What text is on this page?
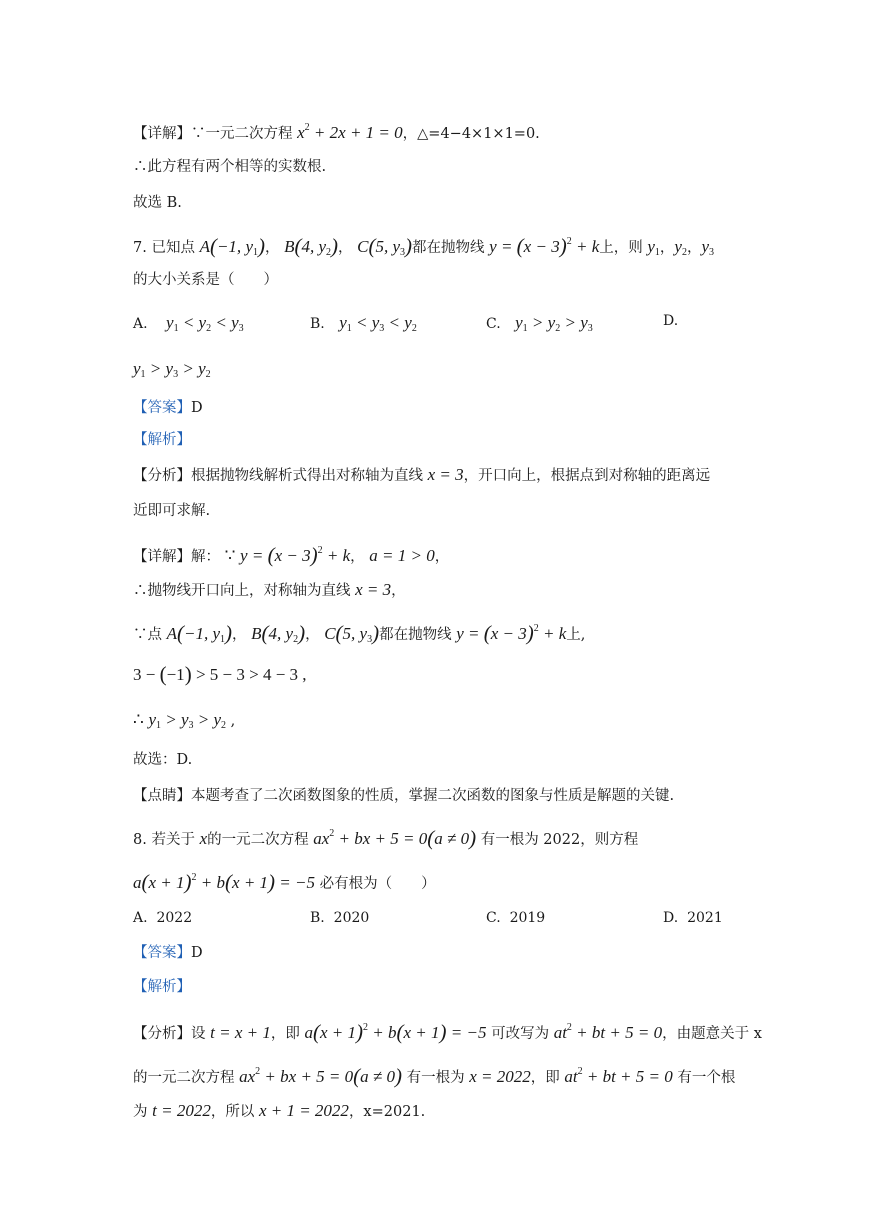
【详解】∵一元二次方程 $x^2 + 2x + 1 = 0$，△=4−4×1×1=0.
∴此方程有两个相等的实数根.
故选 B.
7. 已知点 A(−1, $y_1$)， B(4, $y_2$)， C(5, $y_3$)都在抛物线 $y = (x - 3)^2 + k$上，则 $y_1$，$y_2$，$y_3$
的大小关系是（　　）
A. $y_1 < y_2 < y_3$	B. $y_1 < y_3 < y_2$	C. $y_1 > y_2 > y_3$	D.
$y_1 > y_3 > y_2$
【答案】D
【解析】
【分析】根据抛物线解析式得出对称轴为直线 x = 3，开口向上，根据点到对称轴的距离远
近即可求解.
【详解】解： ∵ $y = (x - 3)^2 + k$， a = 1 > 0，
∴抛物线开口向上，对称轴为直线 x = 3，
∵点 A(−1, $y_1$)， B(4, $y_2$)， C(5, $y_3$)都在抛物线 $y = (x - 3)^2 + k$上,
3 − (−1) > 5 − 3 > 4 − 3 ,
∴ $y_1 > y_3 > y_2$ ,
故选：D.
【点睛】本题考查了二次函数图象的性质，掌握二次函数的图象与性质是解题的关键.
8. 若关于 x的一元二次方程 $ax^2$ + bx + 5 = 0(a ≠ 0) 有一根为 2022，则方程
$a(x + 1)^2 + b(x + 1) = -5$ 必有根为（　　）
A. 2022	B. 2020	C. 2019	D. 2021
【答案】D
【解析】
【分析】设 t = x + 1，即 $a(x + 1)^2 + b(x + 1) = -5$ 可改写为 $at^2$ + bt + 5 = 0，由题意关于 x
的一元二次方程 $ax^2$ + bx + 5 = 0(a ≠ 0) 有一根为 x = 2022，即 $at^2$ + bt + 5 = 0 有一个根
为 t = 2022，所以 x + 1 = 2022，x=2021.
